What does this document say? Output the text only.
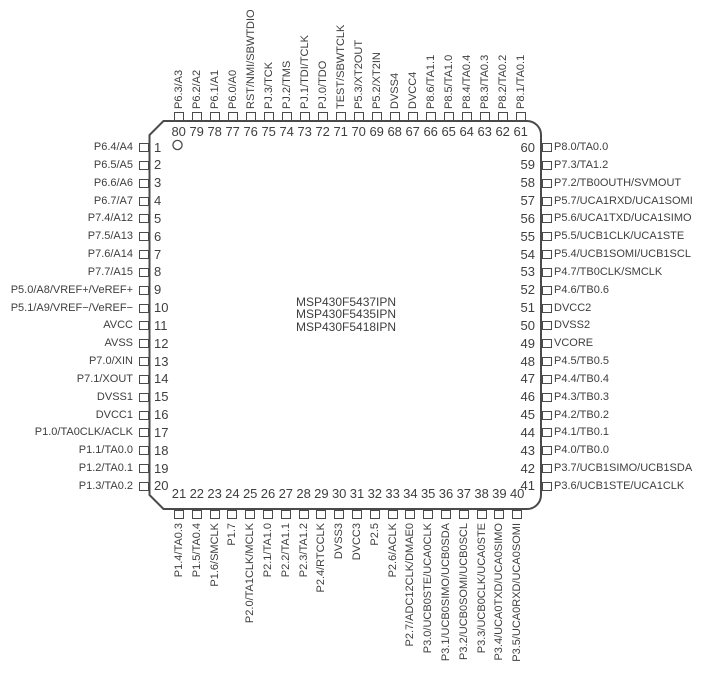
MSP430F5437IPN
MSP430F5435IPN
MSP430F5418IPN
1
P6.4/A4
2
P6.5/A5
3
P6.6/A6
4
P6.7/A7
5
P7.4/A12
6
P7.5/A13
7
P7.6/A14
8
P7.7/A15
9
P5.0/A8/VREF+/VeREF+
10
P5.1/A9/VREF−/VeREF−
11
AVCC
12
AVSS
13
P7.0/XIN
14
P7.1/XOUT
15
DVSS1
16
DVCC1
17
P1.0/TA0CLK/ACLK
18
P1.1/TA0.0
19
P1.2/TA0.1
20
P1.3/TA0.2
60 P8.0/TA0.0
59 P7.3/TA1.2
58 P7.2/TB0OUTH/SVMOUT
57 P5.7/UCA1RXD/UCA1SOMI
56 P5.6/UCA1TXD/UCA1SIMO
55 P5.5/UCB1CLK/UCA1STE
54 P5.4/UCB1SOMI/UCB1SCL
53 P4.7/TB0CLK/SMCLK
52 P4.6/TB0.6
51 DVCC2
50 DVSS2
49 VCORE
48 P4.5/TB0.5
47 P4.4/TB0.4
46 P4.3/TB0.3
45 P4.2/TB0.2
44 P4.1/TB0.1
43 P4.0/TB0.0
42 P3.7/UCB1SIMO/UCB1SDA
41 P3.6/UCB1STE/UCA1CLK
80
P6.3/A3
79
P6.2/A2
78
P6.1/A1
77
P6.0/A0
76
RST/NMI/SBWTDIO
75
PJ.3/TCK
74
PJ.2/TMS
73
PJ.1/TDI/TCLK
72
PJ.0/TDO
71
TEST/SBWTCLK
70
P5.3/XT2OUT
69
P5.2/XT2IN
68
DVSS4
67
DVCC4
66
P8.6/TA1.1
65
P8.5/TA1.0
64
P8.4/TA0.4
63
P8.3/TA0.3
62
P8.2/TA0.2
61
P8.1/TA0.1
21
P1.4/TA0.3
22
P1.5/TA0.4
23
P1.6/SMCLK
24
P1.7
25
P2.0/TA1CLK/MCLK
26
P2.1/TA1.0
27
P2.2/TA1.1
28
P2.3/TA1.2
29
P2.4/RTCCLK
30
DVSS3
31
DVCC3
32
P2.5
33
P2.6/ACLK
34
P2.7/ADC12CLK/DMAE0
35
P3.0/UCB0STE/UCA0CLK
36
P3.1/UCB0SIMO/UCB0SDA
37
P3.2/UCB0SOMI/UCB0SCL
38
P3.3/UCB0CLK/UCA0STE
39
P3.4/UCA0TXD/UCA0SIMO
40
P3.5/UCA0RXD/UCA0SOMI
